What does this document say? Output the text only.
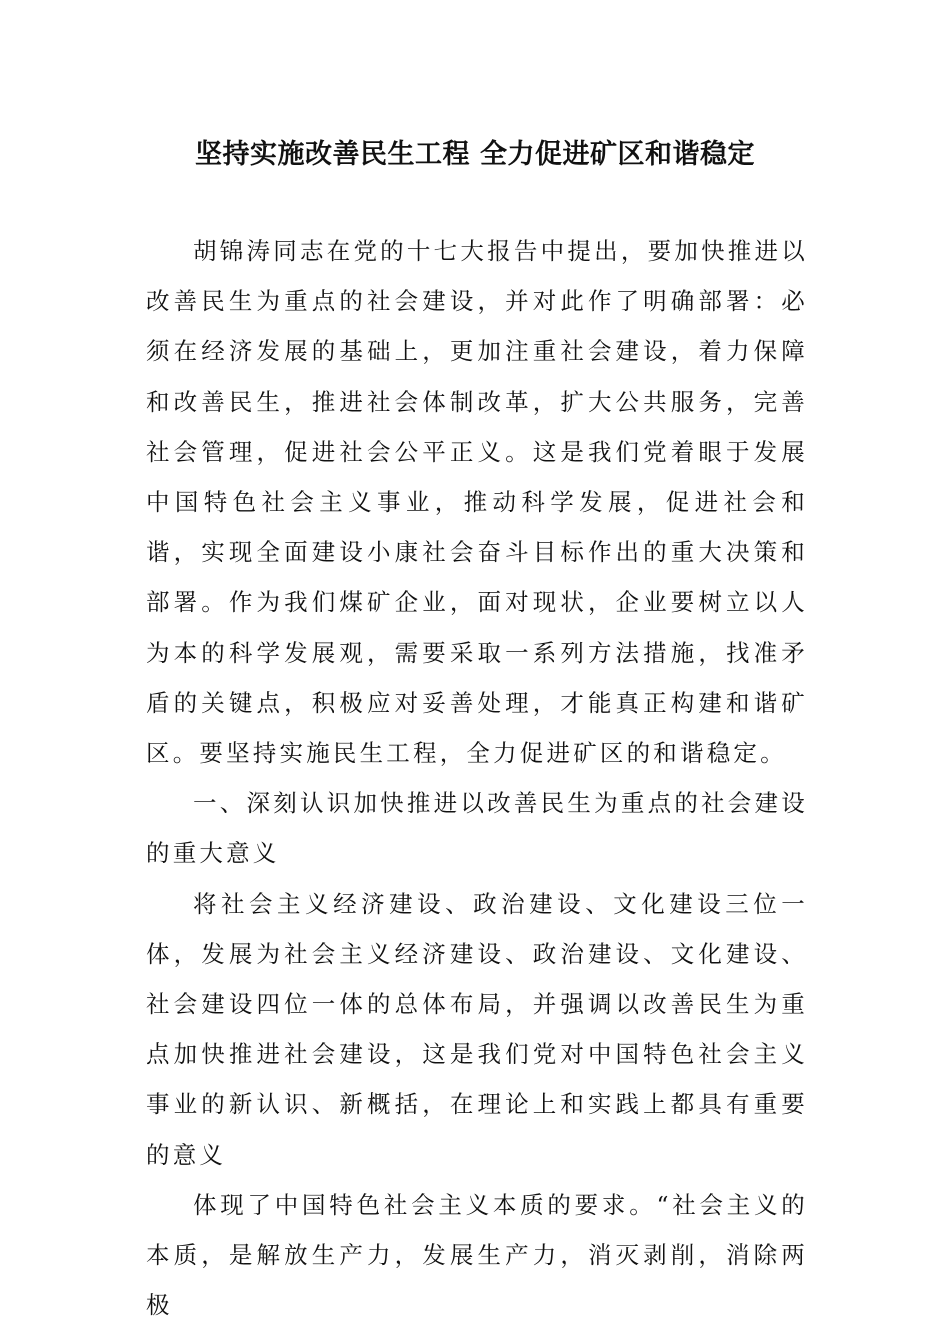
坚持实施改善民生工程 全力促进矿区和谐稳定

胡锦涛同志在党的十七大报告中提出，要加快推进以改善民生为重点的社会建设，并对此作了明确部署：必须在经济发展的基础上，更加注重社会建设，着力保障和改善民生，推进社会体制改革，扩大公共服务，完善社会管理，促进社会公平正义。这是我们党着眼于发展中国特色社会主义事业，推动科学发展，促进社会和谐，实现全面建设小康社会奋斗目标作出的重大决策和部署。作为我们煤矿企业，面对现状，企业要树立以人为本的科学发展观，需要采取一系列方法措施，找准矛盾的关键点，积极应对妥善处理，才能真正构建和谐矿区。要坚持实施民生工程，全力促进矿区的和谐稳定。

一、深刻认识加快推进以改善民生为重点的社会建设的重大意义

将社会主义经济建设、政治建设、文化建设三位一体，发展为社会主义经济建设、政治建设、文化建设、社会建设四位一体的总体布局，并强调以改善民生为重点加快推进社会建设，这是我们党对中国特色社会主义事业的新认识、新概括，在理论上和实践上都具有重要的意义

体现了中国特色社会主义本质的要求。“社会主义的本质，是解放生产力，发展生产力，消灭剥削，消除两极
